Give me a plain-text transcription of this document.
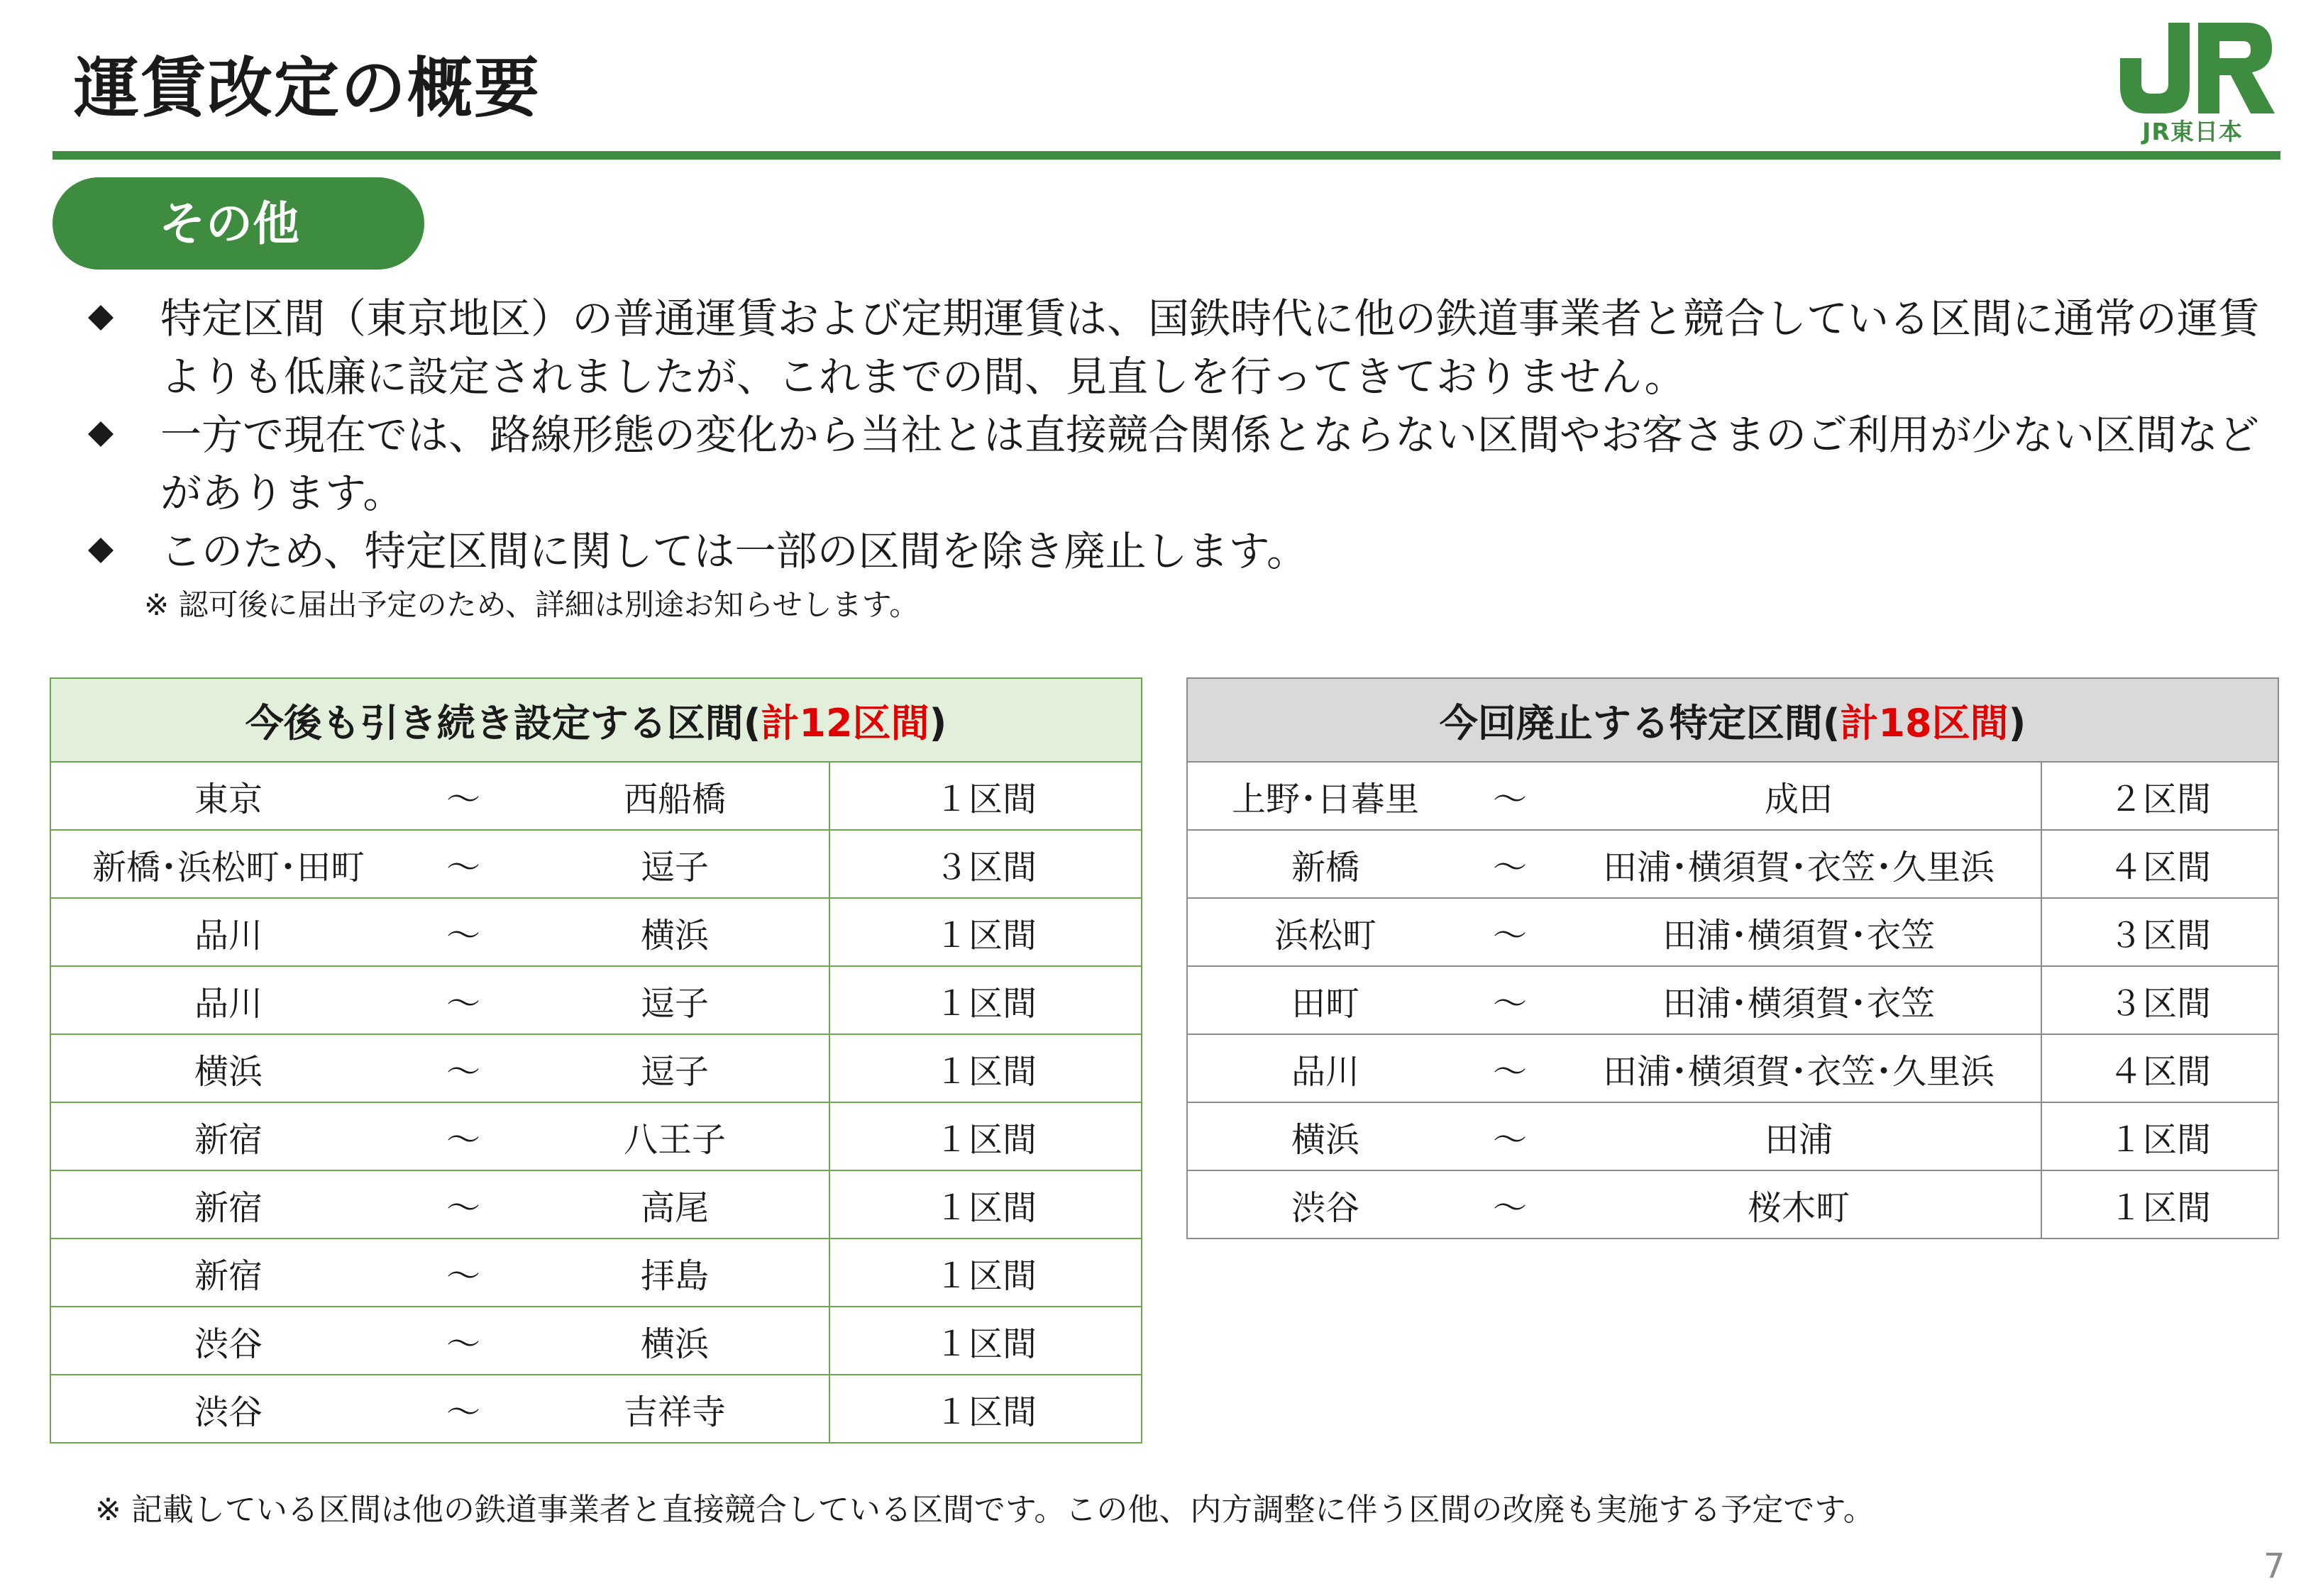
運賃改定の概要
JR東日本
その他
特定区間（東京地区）の普通運賃および定期運賃は、国鉄時代に他の鉄道事業者と競合している区間に通常の運賃よりも低廉に設定されましたが、これまでの間、見直しを行ってきておりません。
一方で現在では、路線形態の変化から当社とは直接競合関係とならない区間やお客さまのご利用が少ない区間などがあります。
このため、特定区間に関しては一部の区間を除き廃止します。
※ 認可後に届出予定のため、詳細は別途お知らせします。
今後も引き続き設定する区間(計12区間)			
東京	～	西船橋	１区間
新橋･浜松町･田町	～	逗子	３区間
品川	～	横浜	１区間
品川	～	逗子	１区間
横浜	～	逗子	１区間
新宿	～	八王子	１区間
新宿	～	高尾	１区間
新宿	～	拝島	１区間
渋谷	～	横浜	１区間
渋谷	～	吉祥寺	１区間
今回廃止する特定区間(計18区間)			
上野･日暮里	～	成田	２区間
新橋	～	田浦･横須賀･衣笠･久里浜	４区間
浜松町	～	田浦･横須賀･衣笠	３区間
田町	～	田浦･横須賀･衣笠	３区間
品川	～	田浦･横須賀･衣笠･久里浜	４区間
横浜	～	田浦	１区間
渋谷	～	桜木町	１区間
※ 記載している区間は他の鉄道事業者と直接競合している区間です。この他、内方調整に伴う区間の改廃も実施する予定です。
7
